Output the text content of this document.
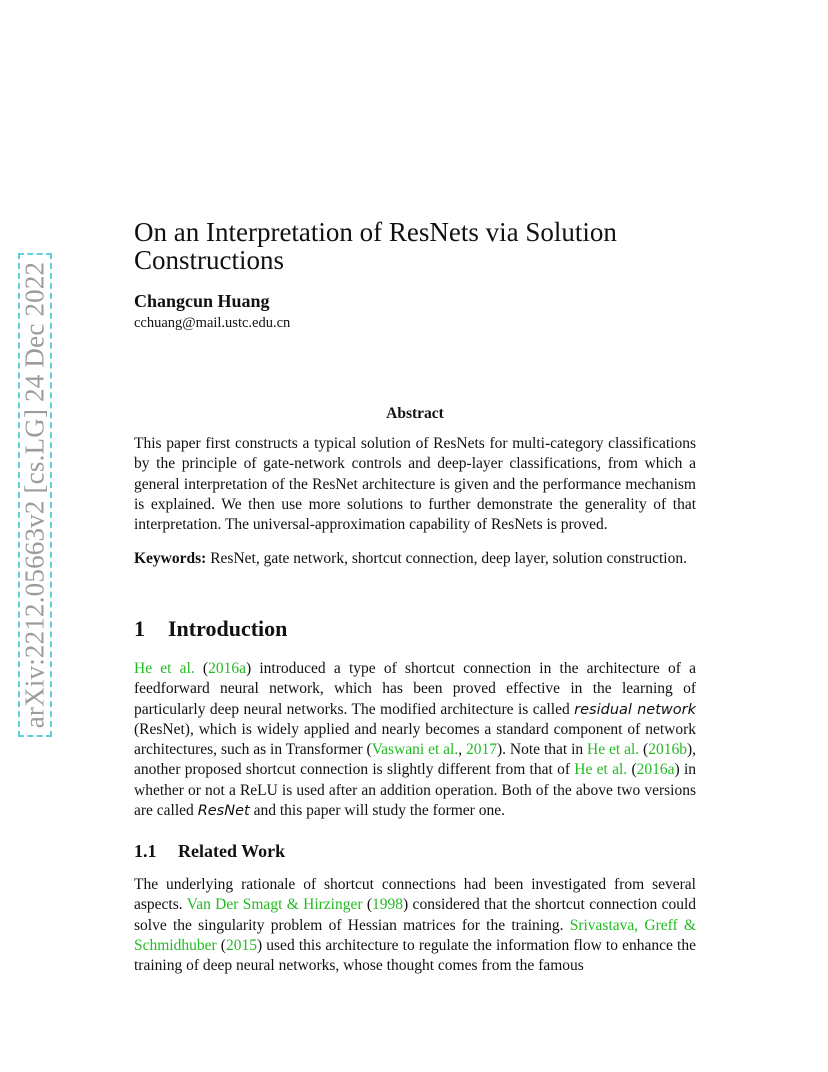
arXiv:2212.05663v2 [cs.LG] 24 Dec 2022
On an Interpretation of ResNets via Solution Constructions
Changcun Huang
cchuang@mail.ustc.edu.cn
Abstract
This paper first constructs a typical solution of ResNets for multi-category classifications by the principle of gate-network controls and deep-layer classifications, from which a general interpretation of the ResNet architecture is given and the performance mechanism is explained. We then use more solutions to further demonstrate the generality of that interpretation. The universal-approximation capability of ResNets is proved.
Keywords: ResNet, gate network, shortcut connection, deep layer, solution construction.
1 Introduction
He et al. (2016a) introduced a type of shortcut connection in the architecture of a feedforward neural network, which has been proved effective in the learning of particularly deep neural networks. The modified architecture is called residual network (ResNet), which is widely applied and nearly becomes a standard component of network architectures, such as in Transformer (Vaswani et al., 2017). Note that in He et al. (2016b), another proposed shortcut connection is slightly different from that of He et al. (2016a) in whether or not a ReLU is used after an addition operation. Both of the above two versions are called ResNet and this paper will study the former one.
1.1 Related Work
The underlying rationale of shortcut connections had been investigated from several aspects. Van Der Smagt & Hirzinger (1998) considered that the shortcut connection could solve the singularity problem of Hessian matrices for the training. Srivastava, Greff & Schmidhuber (2015) used this architecture to regulate the information flow to enhance the training of deep neural networks, whose thought comes from the famous
